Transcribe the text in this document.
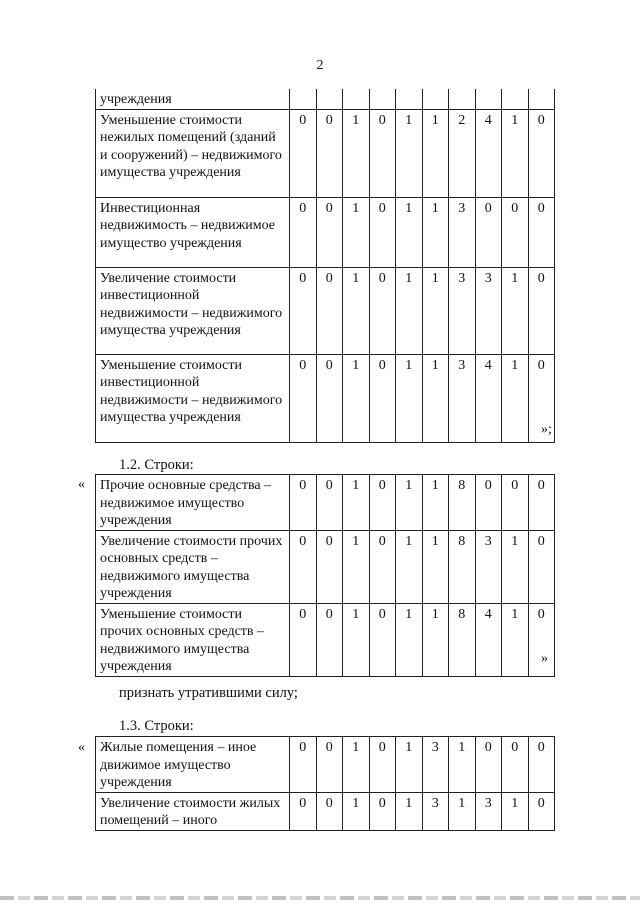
2
учреждения										
Уменьшение стоимости нежилых помещений (зданий и сооружений) – недвижимого имущества учреждения	0	0	1	0	1	1	2	4	1	0
Инвестиционная недвижимость – недвижимое имущество учреждения	0	0	1	0	1	1	3	0	0	0
Увеличение стоимости инвестиционной недвижимости – недвижимого имущества учреждения	0	0	1	0	1	1	3	3	1	0
Уменьшение стоимости инвестиционной недвижимости – недвижимого имущества учреждения	0	0	1	0	1	1	3	4	1	0
»;
1.2. Строки:
« Прочие основные средства – недвижимое имущество учреждения	0	0	1	0	1	1	8	0	0	0
Увеличение стоимости прочих основных средств – недвижимого имущества учреждения	0	0	1	0	1	1	8	3	1	0
Уменьшение стоимости прочих основных средств – недвижимого имущества учреждения	0	0	1	0	1	1	8	4	1	0
»
признать утратившими силу;
1.3. Строки:
« Жилые помещения – иное движимое имущество учреждения	0	0	1	0	1	3	1	0	0	0
Увеличение стоимости жилых помещений – иного	0	0	1	0	1	3	1	3	1	0
